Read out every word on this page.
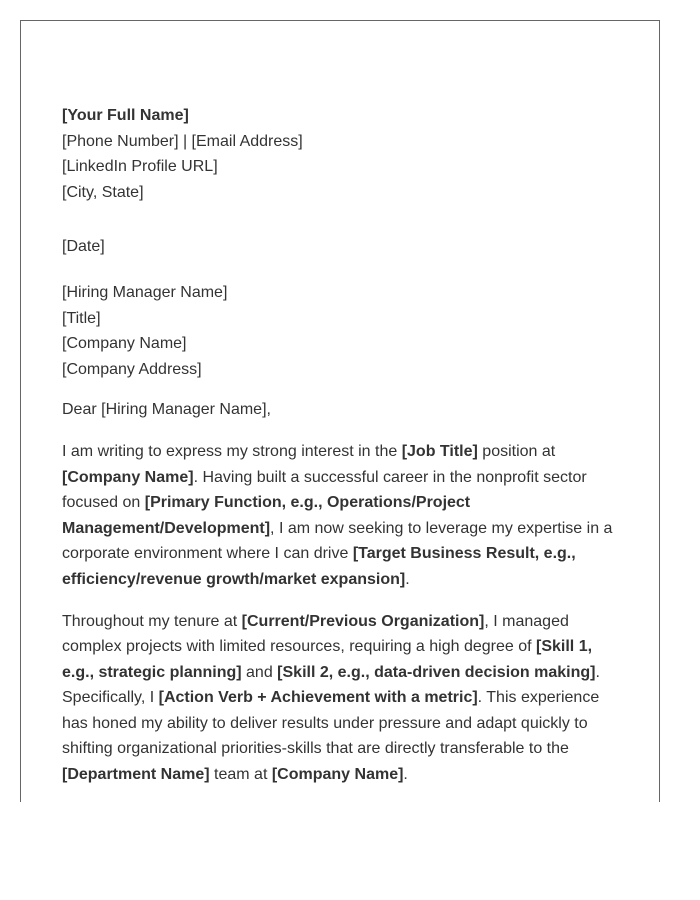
[Your Full Name]
[Phone Number] | [Email Address]
[LinkedIn Profile URL]
[City, State]
[Date]
[Hiring Manager Name]
[Title]
[Company Name]
[Company Address]
Dear [Hiring Manager Name],

I am writing to express my strong interest in the [Job Title] position at
[Company Name]. Having built a successful career in the nonprofit sector focused on [Primary Function, e.g., Operations/Project Management/Development], I am now seeking to leverage my expertise in a corporate environment where I can drive [Target Business Result, e.g., efficiency/revenue growth/market expansion].

Throughout my tenure at [Current/Previous Organization], I managed complex projects with limited resources, requiring a high degree of [Skill 1, e.g., strategic planning] and [Skill 2, e.g., data-driven decision making]. Specifically, I [Action Verb + Achievement with a metric]. This experience has honed my ability to deliver results under pressure and adapt quickly to shifting organizational priorities-skills that are directly transferable to the [Department Name] team at [Company Name].
